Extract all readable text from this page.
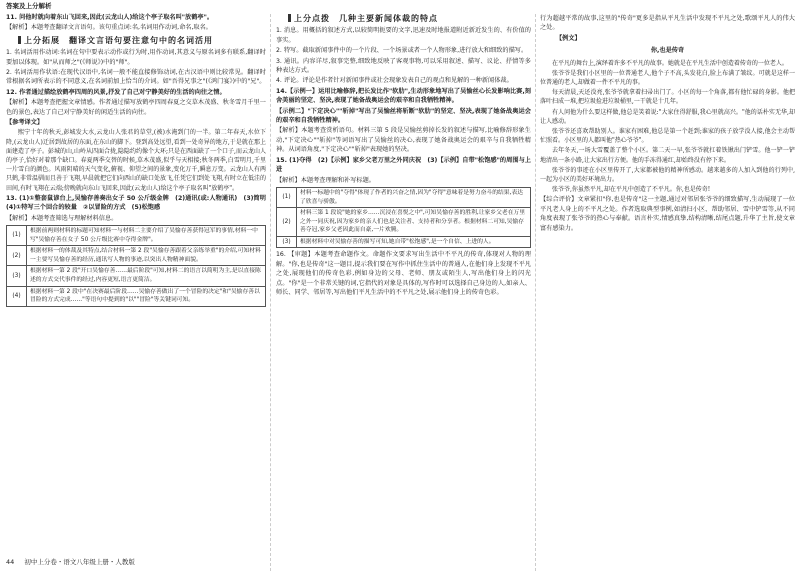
答案及上分解析
11. 问他时就向着东山飞回来,因此(云龙山人)给这个亭子取名叫"放鹤亭"。
【解析】本题考查翻译文言语句。该句重点词:名,名词用作动词,命名,取名。
上分拓展　翻译文言语句要注意句中的名词活用
1. 名词活用作动词:名词在句中要表示动作或行为时,用作动词,其意义与原名词多有联系,翻译时要加以体现。如"从而师之"(《师说》)中的"师"。
2. 名词活用作状语:在现代汉语中,名词一般不能直接修饰动词,在古汉语中则比较常见。翻译时常根据名词所表示的不同意义,在名词前加上恰当的介词。如"吾得兄事之"(《鸿门宴》)中的"兄"。
12. 作者通过描绘放鹤亭四周的风景,抒发了自己对宁静美好的生活的向往之情。
【解析】本题考查把握文章情感。作者通过描写放鹤亭四周春夏之交草木茂盛、秋冬雪月千里一色的景色,表达了自己对宁静美好的闲适生活的向往。
【参考译文】
熙宁十年的秋天,彭城发大水,云龙山人张君的草堂,(被)水淹到门的一半。第二年春天,水位下降,(云龙山人)迁居到故居的东面,在东山的脚下。登到高处远望,看到一处奇异的地方,于是就在那上面建造了亭子。彭城的山,山岭从四面合拢,隐隐约约像个大环;只是在西面缺了一个口子,而云龙山人的亭子,恰好对着那个缺口。春夏两季交替的时候,草木茂盛,似乎与天相接;秋冬两季,白雪明月,千里一片雪白的颜色。风雨阴晴的天气变化,俯视、仰望之间的景象,变化万千,瞬息万变。云龙山人有两只鹤,非常温驯而且善于飞翔,早晨就把它们向西山的缺口处放飞,任凭它们到处飞翔,有时立在低洼的田间,有时飞翔在云端;傍晚就向东山飞回来,因此(云龙山人)给这个亭子取名叫"放鹤亭"。
13. (1)①整套鼠谚台上,吴愉存善奏出女子 50 公斤级金牌　(2)通讯(或:人物通讯)　(3)简明　(4)①特写三个回合的较量　②以冒险的方式　(5)松饱感
【解析】本题考查筛选与理解材料信息。
(1)	根据前两则材料的标题可知材料一与材料二主要介绍了吴愉存善获得冠军的事情,材料一中写"吴愉存善在女子 50 公斤级比赛中夺得金牌"。
(2)	根据材料一的体裁及其特点,结合材料一第 2 段"吴愉存善跟着父亲练举重"的介绍,可知材料一主要写吴愉存善的经历,通讯写人物的事迹,以突出人物精神面貌。
(3)	根据材料一第 2 段"开口吴愉存善……最后阶段"可知,材料二的语言以简明为主,是以直接陈述的方式交代事件的经过,内容更短,语言更简洁。
(4)	根据材料一第 2 段中"在决赛最后阶段……吴愉存善做出了一个冒险的决定"和"吴愉存善以冒险的方式完成……"等语句中提到的"以""冒险"等关键词可知。
上分点拨　几种主要新闻体裁的特点
1. 消息。用概括的叙述方式,以较简明扼要的文字,迅速及时地报道附近新近发生的、有价值的事实。
2. 特写。截取新闻事件中的一个片段、一个场景或者一个人物形象,进行放大和细致的描写。
3. 通讯。内容详尽,叙事完整,细致地反映了客观事物,可以采用叙述、描写、议论、抒情等多种表达方式。
4. 评论。评论是作者针对新闻事件或社会现象发表自己的观点和见解的一种新闻体裁。
14.【示例一】运用比喻修辞,把长发比作"软肋",生动形象地写出了吴愉丝心长发影响比赛,刻舍美丽的坚定、坚决,表现了她备战奥运会的艰辛和自我牺牲精神。
【示例二】"下定决心""斩掉"写出了吴愉丝将斩断"软肋"的坚定、坚决,表现了她备战奥运会的艰辛和自我牺牲精神。
【解析】本题考查赏析语句。材料三第 5 段是吴愉丝剪掉长发的叙述与描写,比喻修辞形象生动,"下定决心""斩掉"等词语写出了吴愉丝的决心,表现了她备战奥运会的艰辛与自我牺牲精神。从词语角度,"下定决心""斩掉"表现她的坚决。
15. (1)夺得　(2)【示例】家乡父老万里之外同庆祝　(3)【示例】自带"松饱感"的周围与上进
【解析】本题考查理解和补写标题。
(1)	材料一标题中的"夺得"体现了作者的兴奋之情,因为"夺得"意味着是努力奋斗的结果,表达了欣喜与骄傲。
(2)	材料三第 1 段说"她的家乡……沉浸在喜悦之中",可知吴愉存善的胜利,让家乡父老在万里之外一同庆祝,因为家乡的亲人们也是关注者、支持者和分享者。根据材料二可知,吴愉存善夺冠,家乡父老因此而自豪,一片欢腾。
(3)	根据材料中对吴愉存善的描写可知,她自带"松饱感",是一个自信、上进的人。
16. 【审题】本题考查命题作文。命题作文要求写出生活中不平凡的传奇,体现对人物的理解。"你,也是传奇"这一题目,提示我们要在写作中抓住生活中的普通人,在他们身上发现不平凡之处,展现他们的传奇色彩,例如身边的父母、老师、朋友或陌生人,写出他们身上的闪光点。"你"是一个非常关键的词,它指代的对象是具体的,写作时可以选择自己身边的人,如亲人、师长、同学、邻居等,写出他们平凡生活中的不平凡之处,展示他们身上的传奇色彩。
行为超越平常的故事,这里的"传奇"更多是指从平凡生活中发现不平凡之处,歌颂平凡人的伟大之处。
【例文】
你,也是传奇
在平凡的舞台上,演绎着许多不平凡的故事。她就是在平凡生活中创造着传奇的一位老人。
张爷爷是我们小区里的一位普通老人,他个子不高,头发花白,脸上布满了皱纹。可就是这样一位普通的老人,却做着一件不平凡的事。
每天清晨,天还没亮,张爷爷就拿着扫帚出门了。小区的每一个角落,都有他忙碌的身影。他把落叶扫成一堆,把垃圾捡进垃圾桶里,一干就是十几年。
有人问他为什么要这样做,他总是笑着说:"大家住得舒服,我心里就高兴。"他的话朴实无华,却让人感动。
张爷爷还喜欢帮助别人。谁家有困难,他总是第一个赶到;谁家的孩子放学没人接,他会主动帮忙照看。小区里的人都叫他"热心爷爷"。
去年冬天,一场大雪覆盖了整个小区。第二天一早,张爷爷就扛着铁锹出门铲雪。他一铲一铲地清出一条小路,让大家出行方便。他的手冻得通红,却始终没有停下来。
张爷爷的事迹在小区里传开了,大家都被他的精神所感动。越来越多的人加入到他的行列中,一起为小区的美好环境出力。
张爷爷,你虽然平凡,却在平凡中创造了不平凡。你,也是传奇!
【综合评价】文章紧扣"你,也是传奇"这一主题,通过对邻居张爷爷的细致描写,生动展现了一位平凡老人身上的不平凡之处。作者选取典型事例,如清扫小区、帮助邻居、雪中铲雪等,从不同角度表现了张爷爷的热心与奉献。语言朴实,情感真挚,结构清晰,结尾点题,升华了主旨,使文章富有感染力。
44 初中上分卷・语文八年级上册・人教版
